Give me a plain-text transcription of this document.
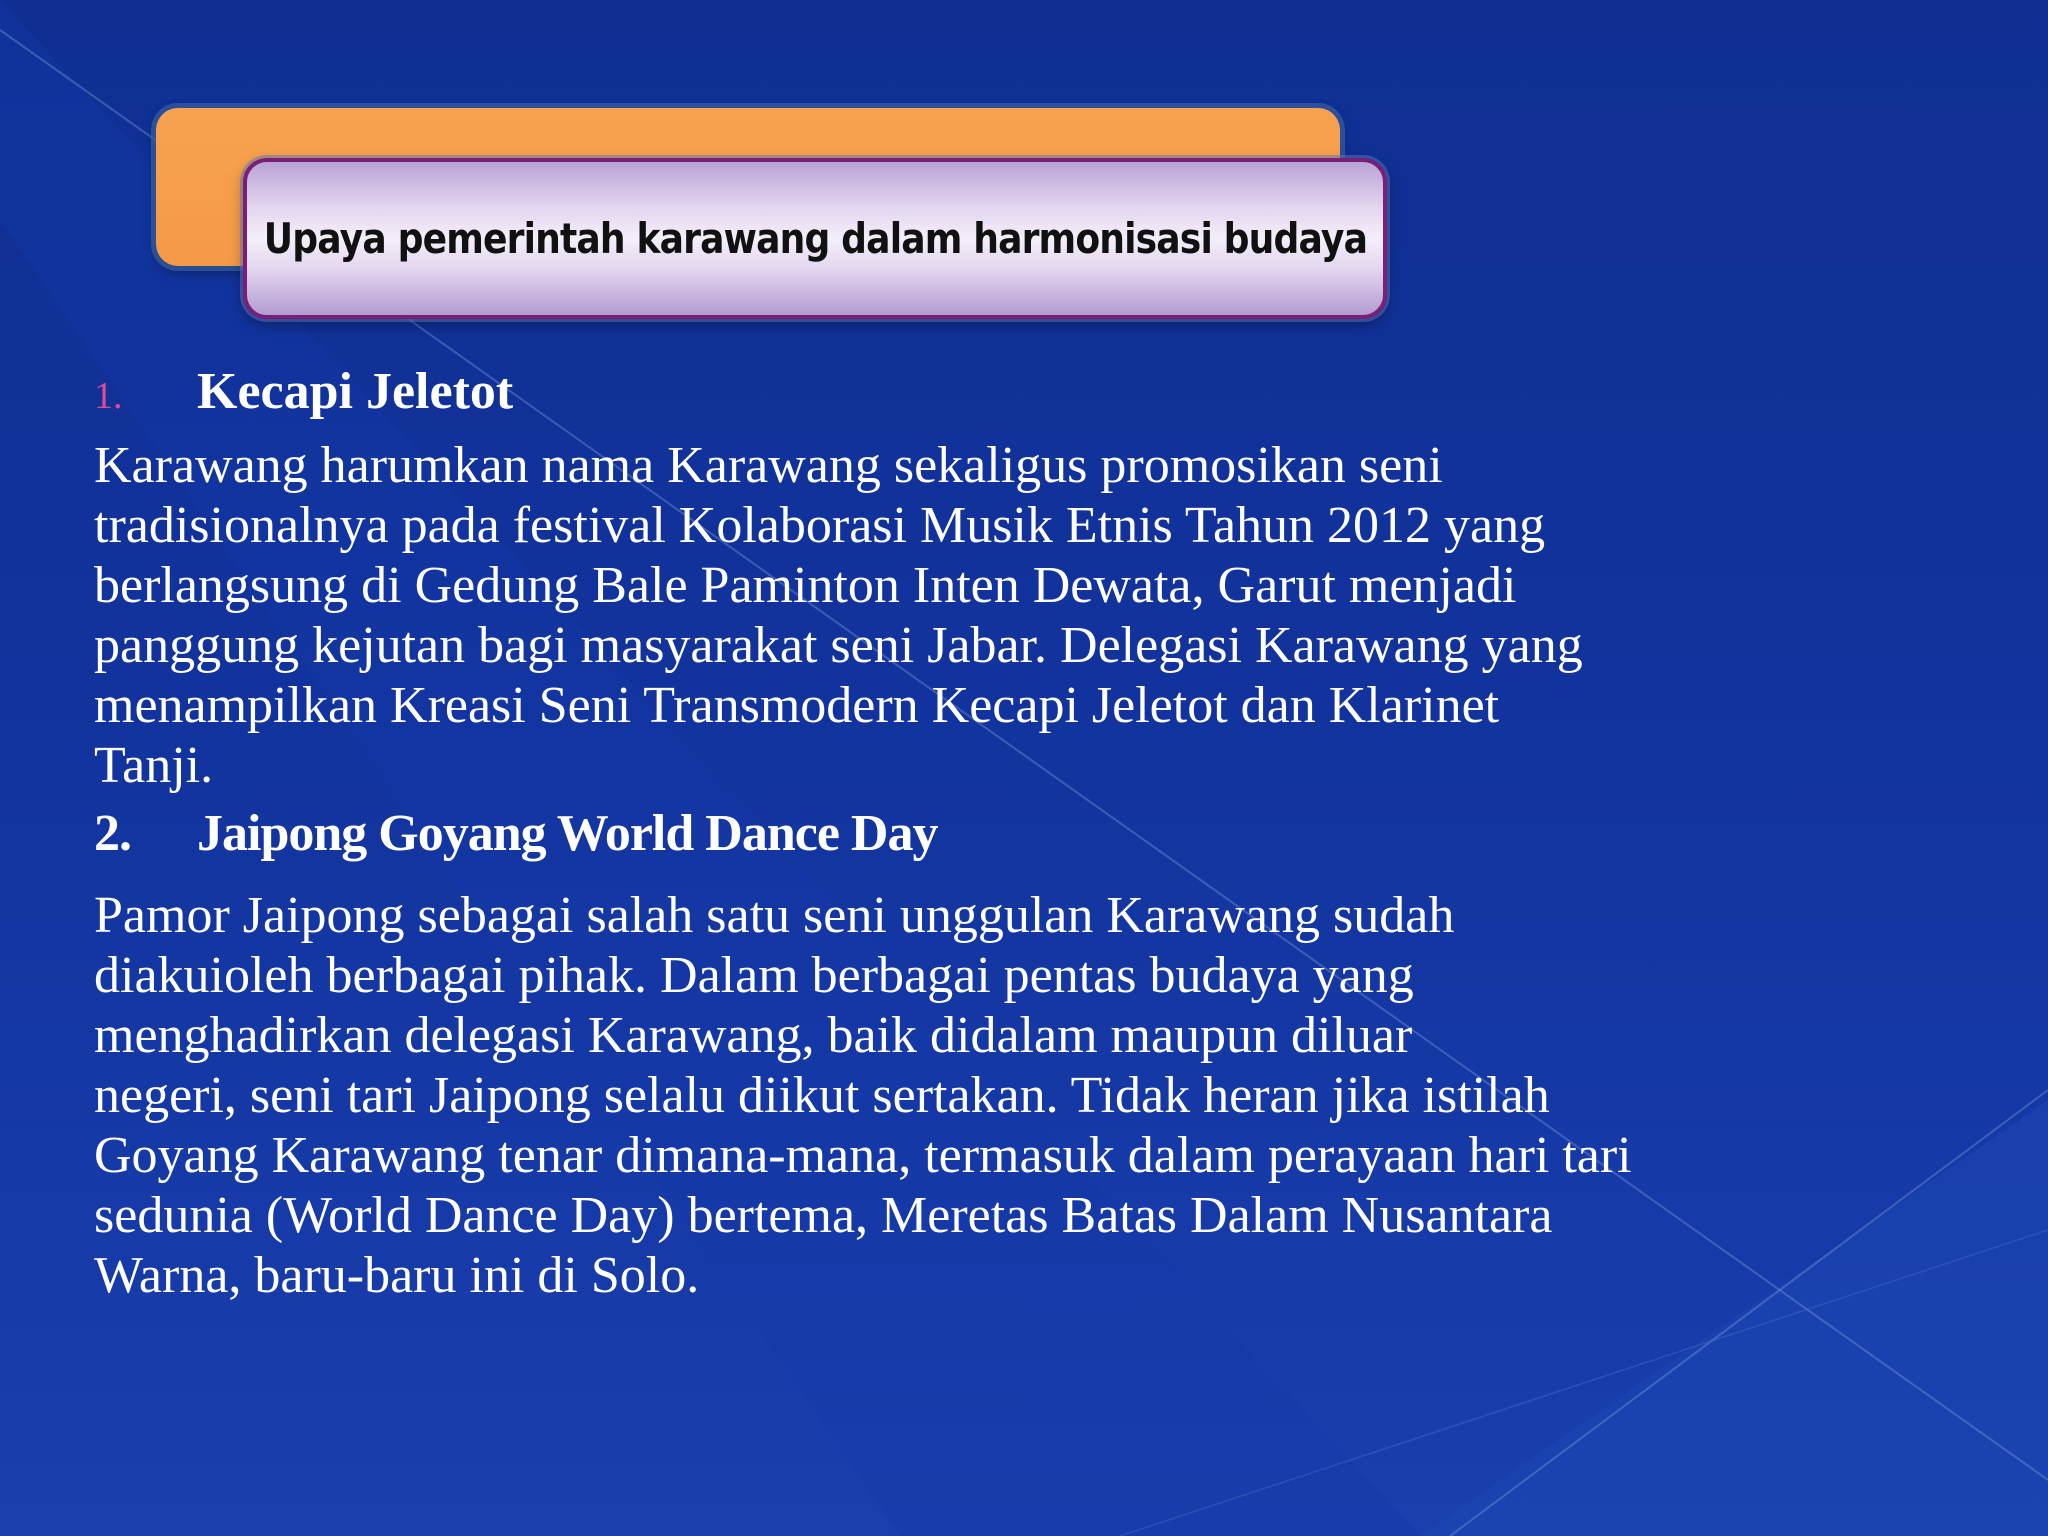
Upaya pemerintah karawang dalam harmonisasi budaya
1.	Kecapi Jeletot
Karawang harumkan nama Karawang sekaligus promosikan seni
tradisionalnya pada festival Kolaborasi Musik Etnis Tahun 2012 yang
berlangsung di Gedung Bale Paminton Inten Dewata, Garut menjadi
panggung kejutan bagi masyarakat seni Jabar. Delegasi Karawang yang
menampilkan Kreasi Seni Transmodern Kecapi Jeletot dan Klarinet
Tanji.
2.	Jaipong Goyang World Dance Day
Pamor Jaipong sebagai salah satu seni unggulan Karawang sudah
diakuioleh berbagai pihak. Dalam berbagai pentas budaya yang
menghadirkan delegasi Karawang, baik didalam maupun diluar
negeri, seni tari Jaipong selalu diikut sertakan. Tidak heran jika istilah
Goyang Karawang tenar dimana-mana, termasuk dalam perayaan hari tari
sedunia (World Dance Day) bertema, Meretas Batas Dalam Nusantara
Warna, baru-baru ini di Solo.
